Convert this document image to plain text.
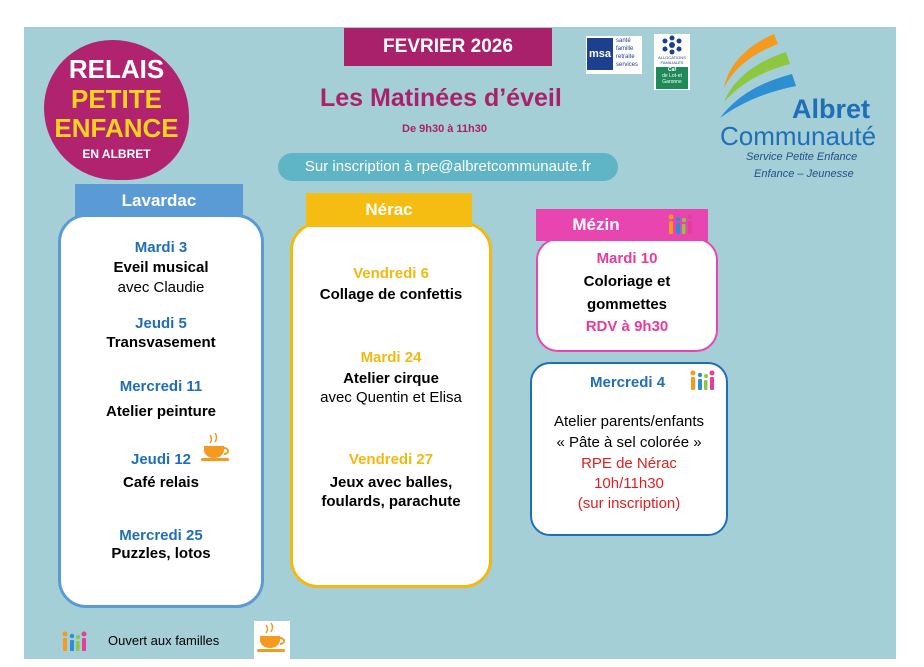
RELAIS
PETITE
ENFANCE
EN ALBRET
FEVRIER 2026
Les Matinées d’éveil
De 9h30 à 11h30
Sur inscription à rpe@albretcommunaute.fr
msa
santé
famille
retraite
services
ALLOCATIONS
FAMILIALES
Caf
de Lot-et
Garonne
Albret
Communauté
Service Petite Enfance
Enfance – Jeunesse
Mardi 3
Eveil musical
avec Claudie
Jeudi 5
Transvasement
Mercredi 11
Atelier peinture
Jeudi 12
Café relais
Mercredi 25
Puzzles, lotos
Lavardac
Vendredi 6
Collage de confettis
Mardi 24
Atelier cirque
avec Quentin et Elisa
Vendredi 27
Jeux avec balles,
foulards, parachute
Nérac
Mardi 10
Coloriage et
gommettes
RDV à 9h30
Mézin
Mercredi 4
Atelier parents/enfants
« Pâte à sel colorée »
RPE de Nérac
10h/11h30
(sur inscription)
Ouvert aux familles
